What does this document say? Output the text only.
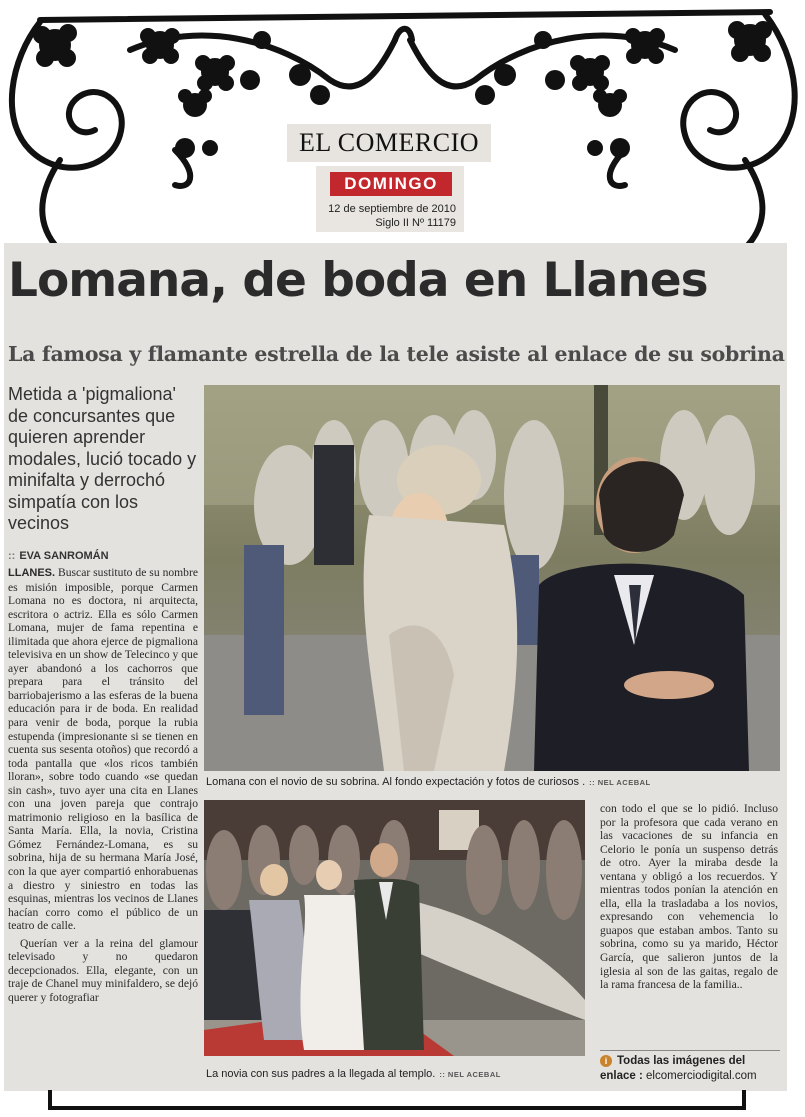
EL COMERCIO
DOMINGO
12 de septiembre de 2010
Siglo II Nº 11179
Lomana, de boda en Llanes
La famosa y flamante estrella de la tele asiste al enlace de su sobrina
Metida a 'pigmaliona' de concursantes que quieren aprender modales, lució tocado y minifalta y derrochó simpatía con los vecinos
:: EVA SANROMÁN
LLANES. Buscar sustituto de su nombre es misión imposible, porque Carmen Lomana no es doctora, ni arquitecta, escritora o actriz. Ella es sólo Carmen Lomana, mujer de fama repentina e ilimitada que ahora ejerce de pigmaliona televisiva en un show de Telecinco y que ayer abandonó a los cachorros que prepara para el tránsito del barriobajerismo a las esferas de la buena educación para ir de boda. En realidad para venir de boda, porque la rubia estupenda (impresionante si se tienen en cuenta sus sesenta otoños) que recordó a toda pantalla que «los ricos también lloran», sobre todo cuando «se quedan sin cash», tuvo ayer una cita en Llanes con una joven pareja que contrajo matrimonio religioso en la basílica de Santa María. Ella, la novia, Cristina Gómez Fernández-Lomana, es su sobrina, hija de su hermana María José, con la que ayer compartió enhorabuenas a diestro y siniestro en todas las esquinas, mientras los vecinos de Llanes hacían corro como el público de un teatro de calle.
Querían ver a la reina del glamour televisado y no quedaron decepcionados. Ella, elegante, con un traje de Chanel muy minifaldero, se dejó querer y fotografiar
Lomana con el novio de su sobrina. Al fondo expectación y fotos de curiosos . :: NEL ACEBAL
La novia con sus padres a la llegada al templo. :: NEL ACEBAL
con todo el que se lo pidió. Incluso por la profesora que cada verano en las vacaciones de su infancia en Celorio le ponía un suspenso detrás de otro. Ayer la miraba desde la ventana y obligó a los recuerdos. Y mientras todos ponían la atención en ella, ella la trasladaba a los novios, expresando con vehemencia lo guapos que estaban ambos. Tanto su sobrina, como su ya marido, Héctor García, que salieron juntos de la iglesia al son de las gaitas, regalo de la rama francesa de la familia..
i Todas las imágenes del enlace : elcomerciodigital.com
